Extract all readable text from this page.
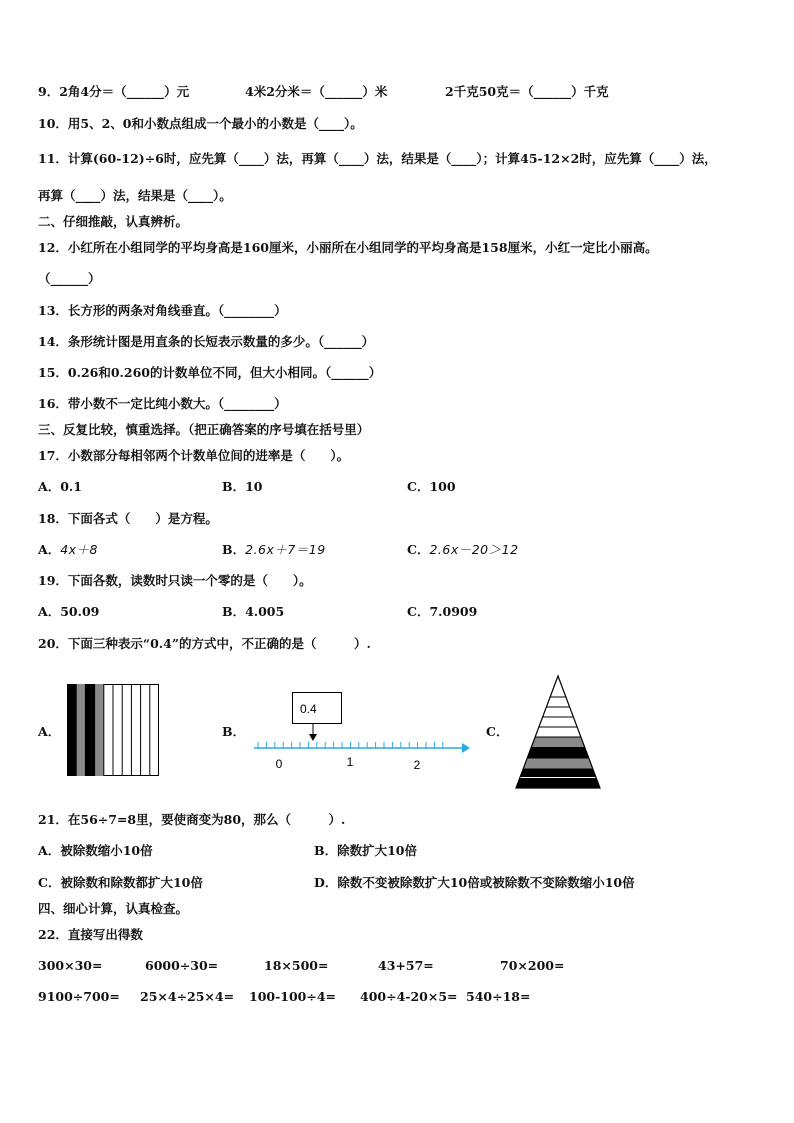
9．2角4分＝（______）元	4米2分米＝（______）米	2千克50克＝（______）千克
10．用5、2、0和小数点组成一个最小的小数是（____）。
11．计算(60-12)÷6时，应先算（____）法，再算（____）法，结果是（____）；计算45-12×2时，应先算（____）法，
再算（____）法，结果是（____）。
二、仔细推敲，认真辨析。
12．小红所在小组同学的平均身高是160厘米，小丽所在小组同学的平均身高是158厘米，小红一定比小丽高。
（______）
13．长方形的两条对角线垂直。（________）
14．条形统计图是用直条的长短表示数量的多少。（______）
15．0.26和0.260的计数单位不同，但大小相同。（______）
16．带小数不一定比纯小数大。（________）
三、反复比较，慎重选择。（把正确答案的序号填在括号里）
17．小数部分每相邻两个计数单位间的进率是（　　）。
A．0.1	B．10	C．100
18．下面各式（　　）是方程。
A．4x＋8	B．2.6x＋7＝19	C．2.6x－20＞12
19．下面各数，读数时只读一个零的是（　　）。
A．50.09	B．4.005	C．7.0909
20．下面三种表示“0.4”的方式中，不正确的是（　　　）.
A．	B．
0.4
0	1	2
C．
21．在56÷7=8里，要使商变为80，那么（　　　）.
A．被除数缩小10倍	B．除数扩大10倍
C．被除数和除数都扩大10倍	D．除数不变被除数扩大10倍或被除数不变除数缩小10倍
四、细心计算，认真检查。
22．直接写出得数
300×30=	6000÷30=	18×500=	43+57=	70×200=
9100÷700= 25×4÷25×4= 100-100÷4= 400÷4-20×5= 540÷18=
